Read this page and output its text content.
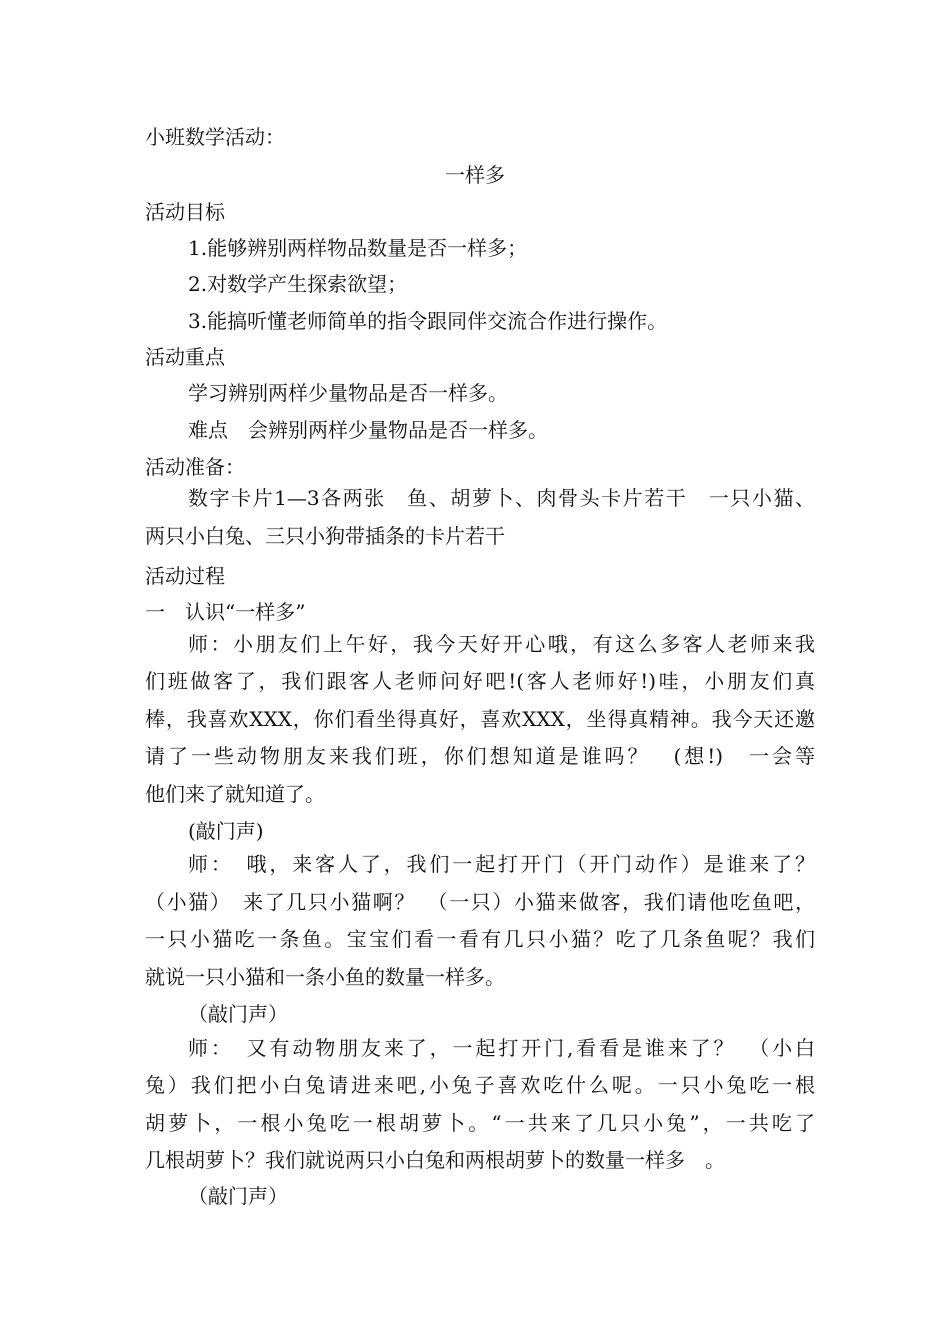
小班数学活动：
一样多
活动目标
1.能够辨别两样物品数量是否一样多；
2.对数学产生探索欲望；
3.能搞听懂老师简单的指令跟同伴交流合作进行操作。
活动重点
学习辨别两样少量物品是否一样多。
难点　会辨别两样少量物品是否一样多。
活动准备：
数字卡片1—3各两张　鱼、胡萝卜、肉骨头卡片若干　一只小猫、
两只小白兔、三只小狗带插条的卡片若干
活动过程
一　认识“一样多”
师：小朋友们上午好，我今天好开心哦，有这么多客人老师来我
们班做客了，我们跟客人老师问好吧!(客人老师好!)哇，小朋友们真
棒，我喜欢XXX，你们看坐得真好，喜欢XXX，坐得真精神。我今天还邀
请了一些动物朋友来我们班，你们想知道是谁吗？　(想!)　一会等
他们来了就知道了。
(敲门声)
师：　哦，来客人了，我们一起打开门（开门动作）是谁来了？
（小猫）　来了几只小猫啊？　（一只）小猫来做客，我们请他吃鱼吧，
一只小猫吃一条鱼。宝宝们看一看有几只小猫？吃了几条鱼呢？我们
就说一只小猫和一条小鱼的数量一样多。
（敲门声）
师：　又有动物朋友来了，一起打开门,看看是谁来了？　（小白
兔）我们把小白兔请进来吧,小兔子喜欢吃什么呢。一只小兔吃一根
胡萝卜，一根小兔吃一根胡萝卜。“一共来了几只小兔”，一共吃了
几根胡萝卜？我们就说两只小白兔和两根胡萝卜的数量一样多　。
（敲门声）
